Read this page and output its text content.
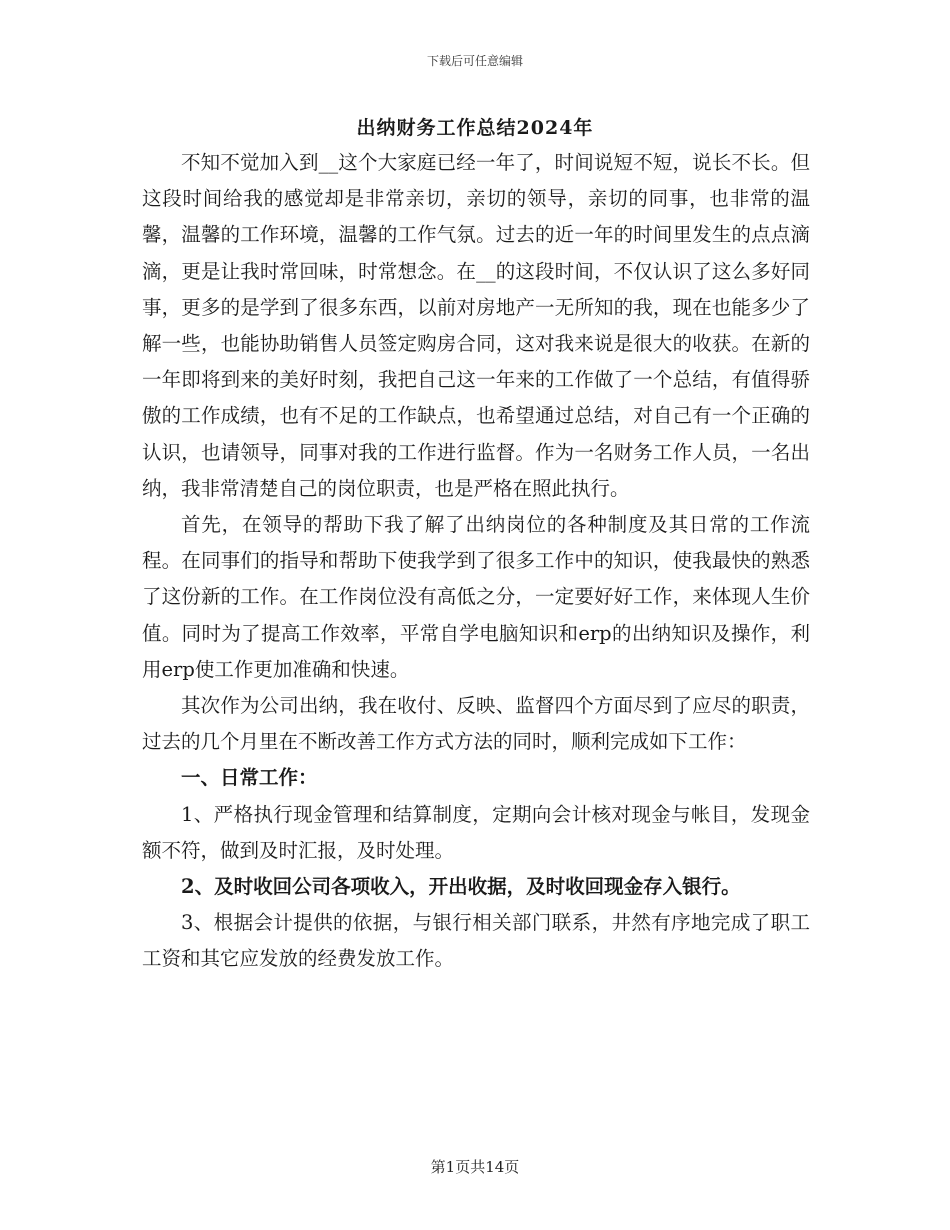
下载后可任意编辑
出纳财务工作总结2024年

不知不觉加入到__这个大家庭已经一年了，时间说短不短，说长不长。但这段时间给我的感觉却是非常亲切，亲切的领导，亲切的同事，也非常的温馨，温馨的工作环境，温馨的工作气氛。过去的近一年的时间里发生的点点滴滴，更是让我时常回味，时常想念。在__的这段时间，不仅认识了这么多好同事，更多的是学到了很多东西，以前对房地产一无所知的我，现在也能多少了解一些，也能协助销售人员签定购房合同，这对我来说是很大的收获。在新的一年即将到来的美好时刻，我把自己这一年来的工作做了一个总结，有值得骄傲的工作成绩，也有不足的工作缺点，也希望通过总结，对自己有一个正确的认识，也请领导，同事对我的工作进行监督。作为一名财务工作人员，一名出纳，我非常清楚自己的岗位职责，也是严格在照此执行。

首先，在领导的帮助下我了解了出纳岗位的各种制度及其日常的工作流程。在同事们的指导和帮助下使我学到了很多工作中的知识，使我最快的熟悉了这份新的工作。在工作岗位没有高低之分，一定要好好工作，来体现人生价值。同时为了提高工作效率，平常自学电脑知识和erp的出纳知识及操作，利用erp使工作更加准确和快速。

其次作为公司出纳，我在收付、反映、监督四个方面尽到了应尽的职责，过去的几个月里在不断改善工作方式方法的同时，顺利完成如下工作：

一、日常工作：

1、严格执行现金管理和结算制度，定期向会计核对现金与帐目，发现金额不符，做到及时汇报，及时处理。

2、及时收回公司各项收入，开出收据，及时收回现金存入银行。

3、根据会计提供的依据，与银行相关部门联系，井然有序地完成了职工工资和其它应发放的经费发放工作。

第1页共14页
